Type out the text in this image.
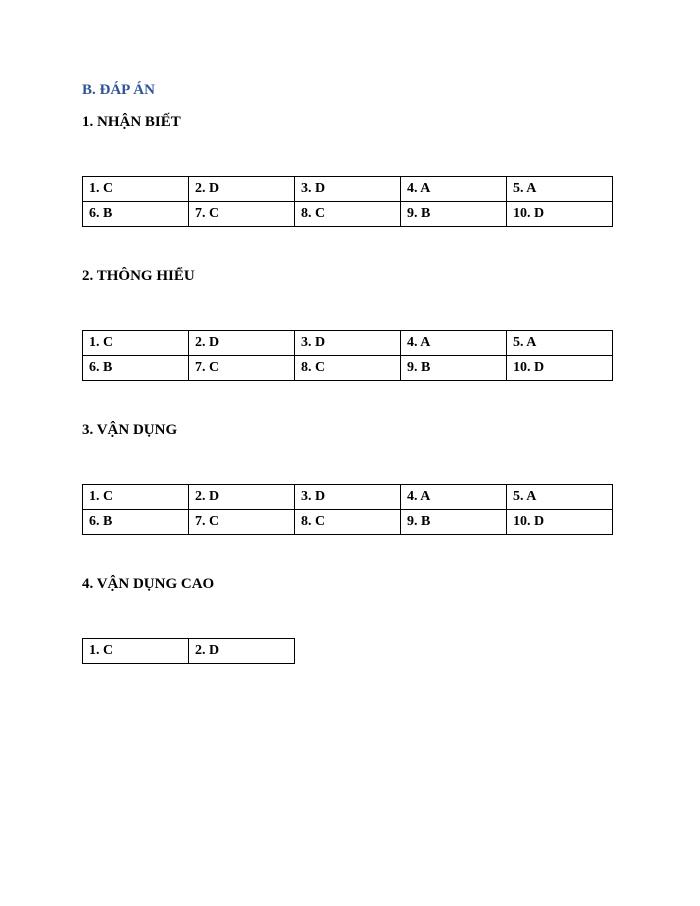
B. ĐÁP ÁN
1. NHẬN BIẾT
1. C	2. D	3. D	4. A	5. A
6. B	7. C	8. C	9. B	10. D
2. THÔNG HIỂU
1. C	2. D	3. D	4. A	5. A
6. B	7. C	8. C	9. B	10. D
3. VẬN DỤNG
1. C	2. D	3. D	4. A	5. A
6. B	7. C	8. C	9. B	10. D
4. VẬN DỤNG CAO
1. C	2. D
